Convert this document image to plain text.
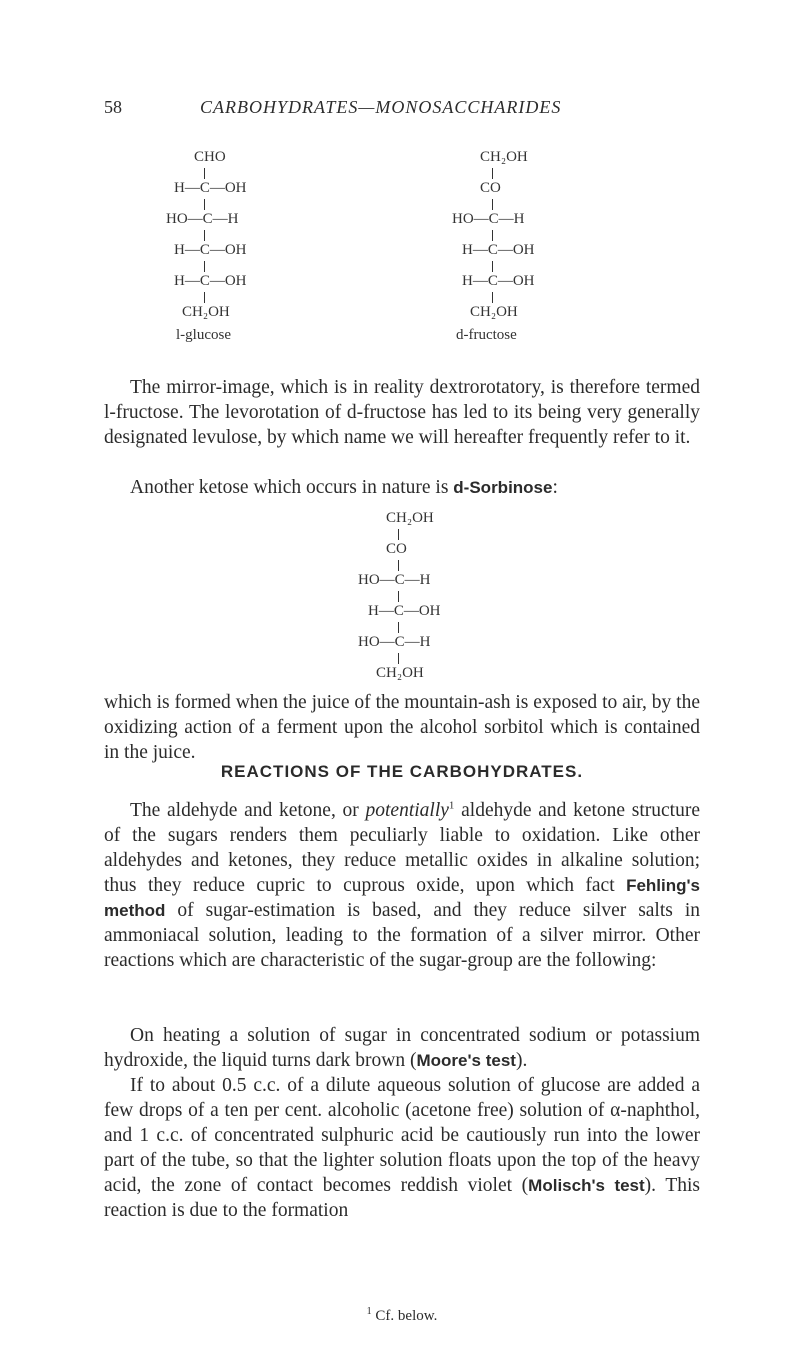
58	CARBOHYDRATES—MONOSACCHARIDES
CHO
H—C—OH
HO—C—H
H—C—OH
H—C—OH
CH₂OH
l-glucose
CH₂OH
CO
HO—C—H
H—C—OH
H—C—OH
CH₂OH
d-fructose

The mirror-image, which is in reality dextrorotatory, is therefore termed l-fructose. The levorotation of d-fructose has led to its being very generally designated levulose, by which name we will hereafter frequently refer to it.

Another ketose which occurs in nature is d-Sorbinose:

CH₂OH
CO
HO—C—H
H—C—OH
HO—C—H
CH₂OH

which is formed when the juice of the mountain-ash is exposed to air, by the oxidizing action of a ferment upon the alcohol sorbitol which is contained in the juice.

REACTIONS OF THE CARBOHYDRATES.

The aldehyde and ketone, or potentially$^1$ aldehyde and ketone structure of the sugars renders them peculiarly liable to oxidation. Like other aldehydes and ketones, they reduce metallic oxides in alkaline solution; thus they reduce cupric to cuprous oxide, upon which fact Fehling's method of sugar-estimation is based, and they reduce silver salts in ammoniacal solution, leading to the formation of a silver mirror. Other reactions which are characteristic of the sugar-group are the following:

On heating a solution of sugar in concentrated sodium or potassium hydroxide, the liquid turns dark brown (Moore's test).

If to about 0.5 c.c. of a dilute aqueous solution of glucose are added a few drops of a ten per cent. alcoholic (acetone free) solution of α-naphthol, and 1 c.c. of concentrated sulphuric acid be cautiously run into the lower part of the tube, so that the lighter solution floats upon the top of the heavy acid, the zone of contact becomes reddish violet (Molisch's test). This reaction is due to the formation

$^1$ Cf. below.
